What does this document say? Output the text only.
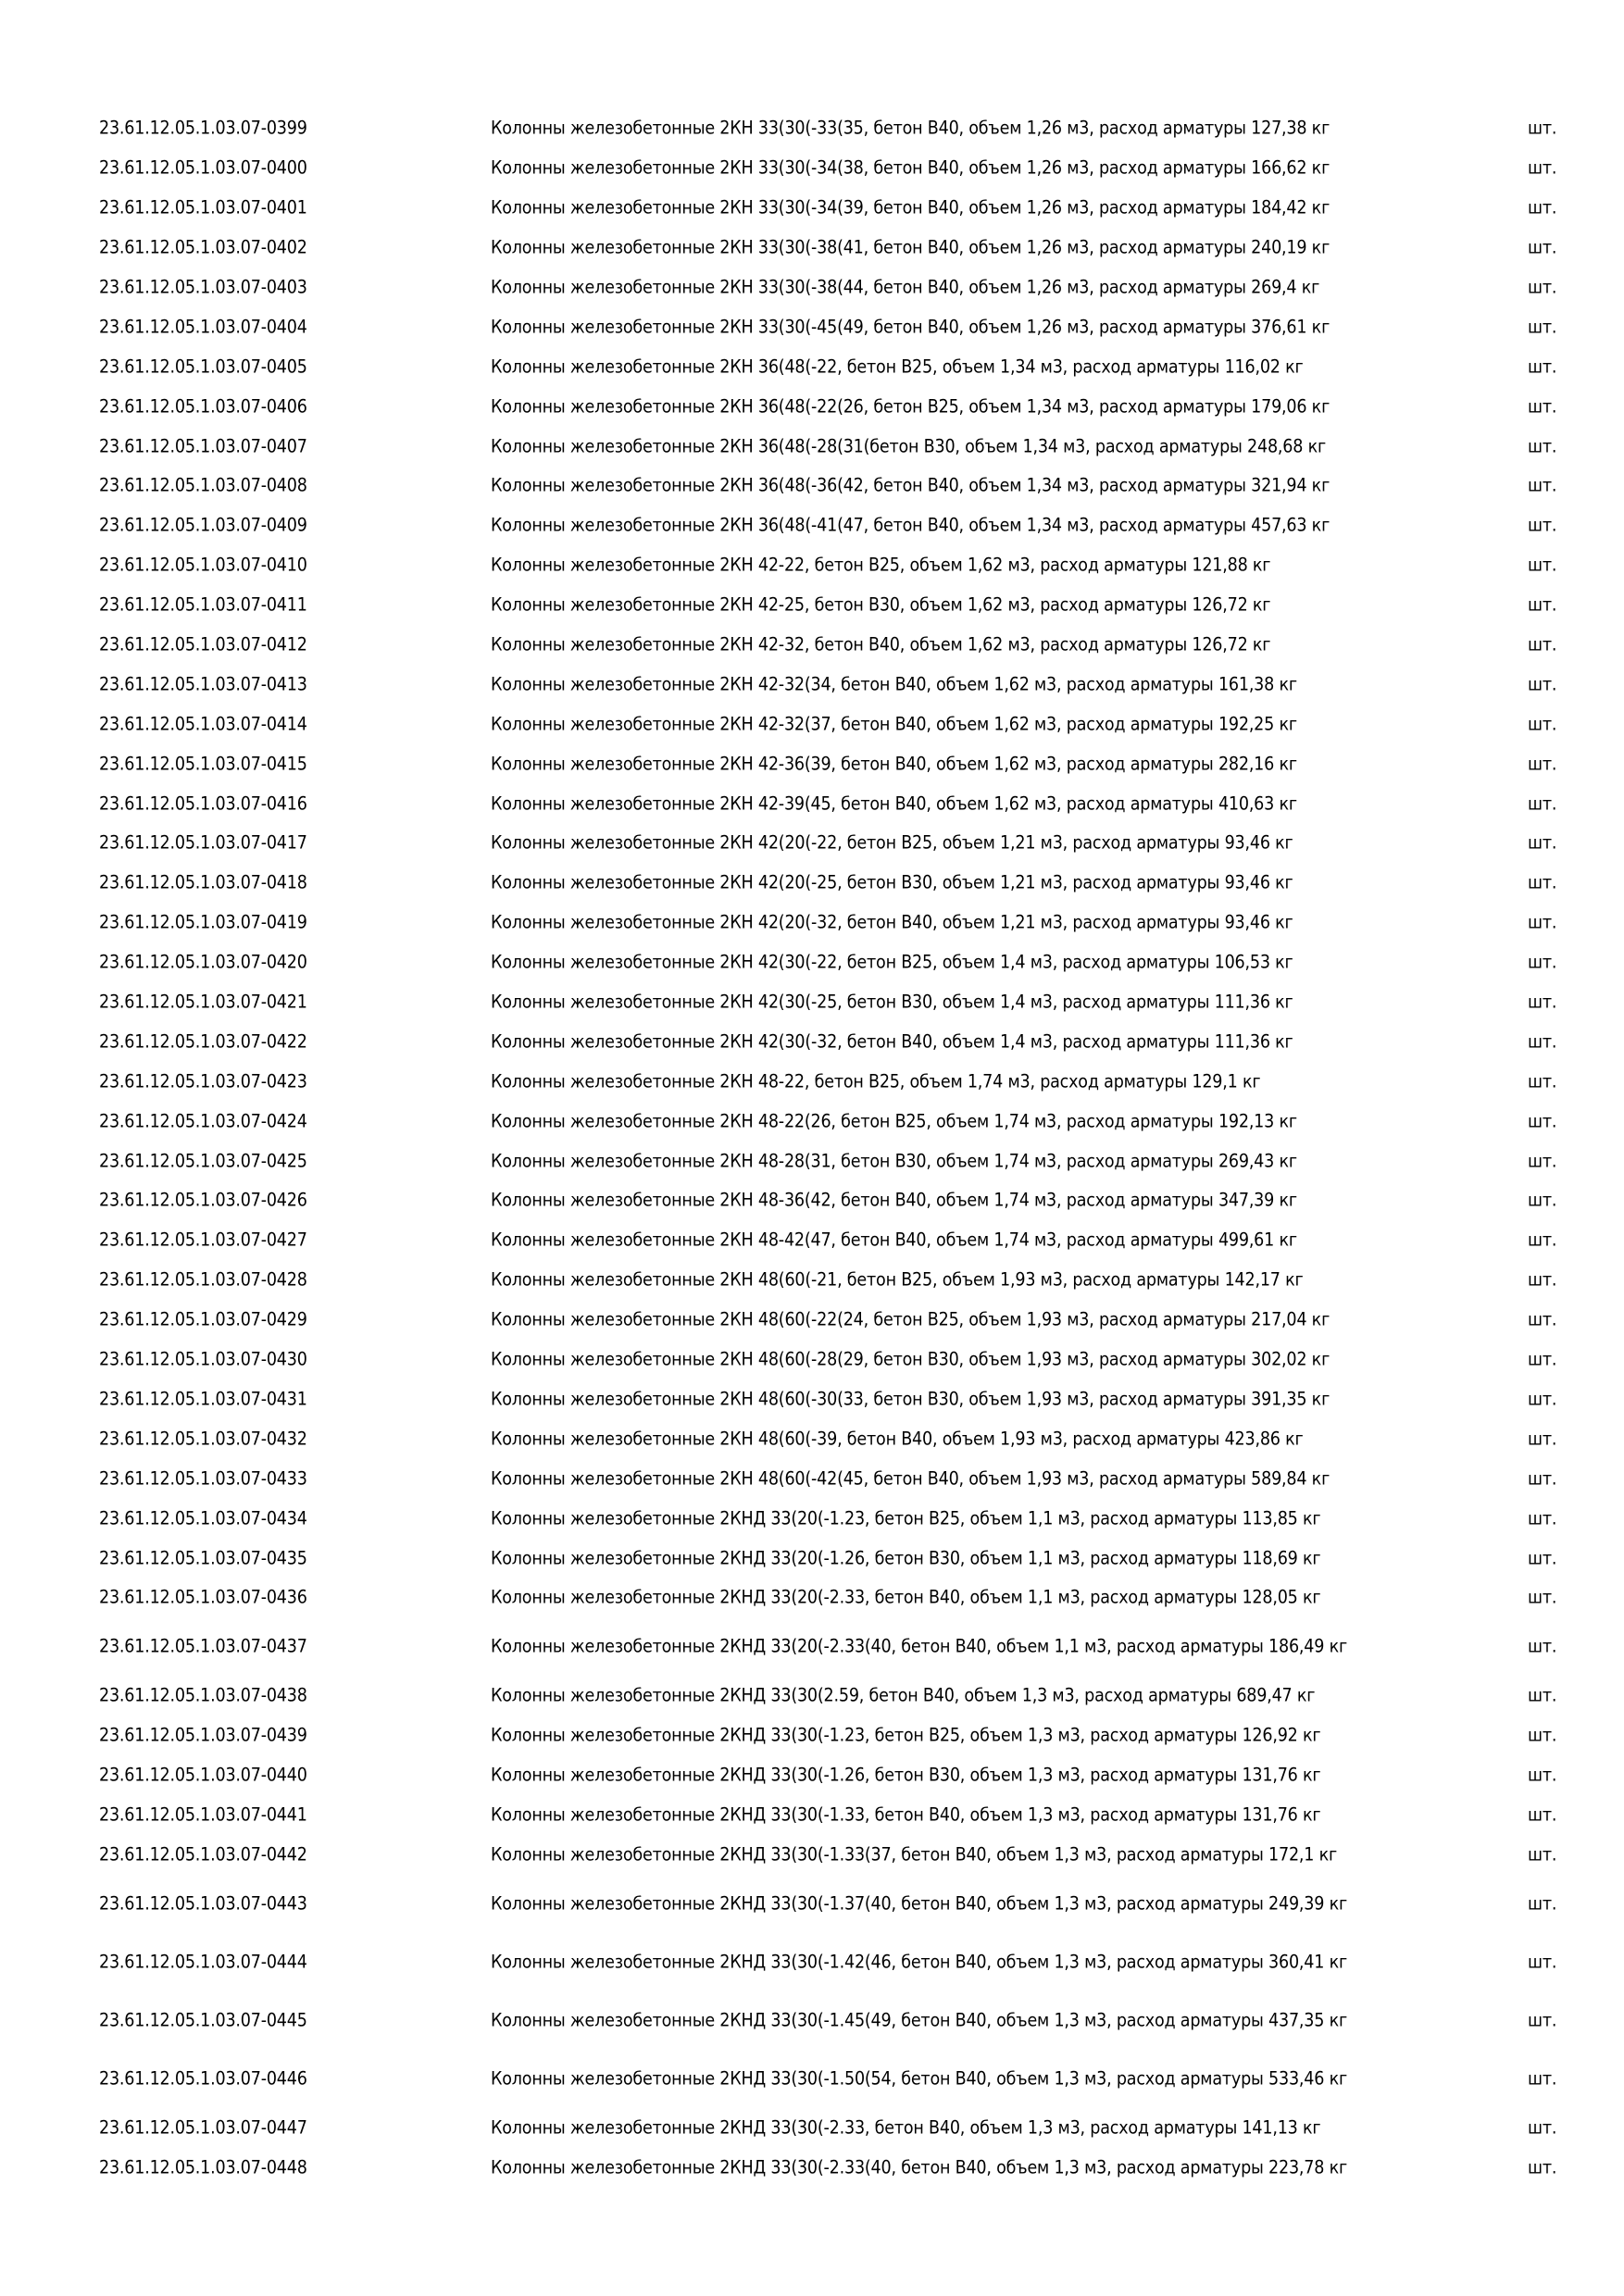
23.61.12.05.1.03.07-0399	Колонны железобетонные 2КН 33(30(-33(35, бетон В40, объем 1,26 м3, расход арматуры 127,38 кг	шт.
23.61.12.05.1.03.07-0400	Колонны железобетонные 2КН 33(30(-34(38, бетон В40, объем 1,26 м3, расход арматуры 166,62 кг	шт.
23.61.12.05.1.03.07-0401	Колонны железобетонные 2КН 33(30(-34(39, бетон В40, объем 1,26 м3, расход арматуры 184,42 кг	шт.
23.61.12.05.1.03.07-0402	Колонны железобетонные 2КН 33(30(-38(41, бетон В40, объем 1,26 м3, расход арматуры 240,19 кг	шт.
23.61.12.05.1.03.07-0403	Колонны железобетонные 2КН 33(30(-38(44, бетон В40, объем 1,26 м3, расход арматуры 269,4 кг	шт.
23.61.12.05.1.03.07-0404	Колонны железобетонные 2КН 33(30(-45(49, бетон В40, объем 1,26 м3, расход арматуры 376,61 кг	шт.
23.61.12.05.1.03.07-0405	Колонны железобетонные 2КН 36(48(-22, бетон В25, объем 1,34 м3, расход арматуры 116,02 кг	шт.
23.61.12.05.1.03.07-0406	Колонны железобетонные 2КН 36(48(-22(26, бетон В25, объем 1,34 м3, расход арматуры 179,06 кг	шт.
23.61.12.05.1.03.07-0407	Колонны железобетонные 2КН 36(48(-28(31(бетон В30, объем 1,34 м3, расход арматуры 248,68 кг	шт.
23.61.12.05.1.03.07-0408	Колонны железобетонные 2КН 36(48(-36(42, бетон В40, объем 1,34 м3, расход арматуры 321,94 кг	шт.
23.61.12.05.1.03.07-0409	Колонны железобетонные 2КН 36(48(-41(47, бетон В40, объем 1,34 м3, расход арматуры 457,63 кг	шт.
23.61.12.05.1.03.07-0410	Колонны железобетонные 2КН 42-22, бетон В25, объем 1,62 м3, расход арматуры 121,88 кг	шт.
23.61.12.05.1.03.07-0411	Колонны железобетонные 2КН 42-25, бетон В30, объем 1,62 м3, расход арматуры 126,72 кг	шт.
23.61.12.05.1.03.07-0412	Колонны железобетонные 2КН 42-32, бетон В40, объем 1,62 м3, расход арматуры 126,72 кг	шт.
23.61.12.05.1.03.07-0413	Колонны железобетонные 2КН 42-32(34, бетон В40, объем 1,62 м3, расход арматуры 161,38 кг	шт.
23.61.12.05.1.03.07-0414	Колонны железобетонные 2КН 42-32(37, бетон В40, объем 1,62 м3, расход арматуры 192,25 кг	шт.
23.61.12.05.1.03.07-0415	Колонны железобетонные 2КН 42-36(39, бетон В40, объем 1,62 м3, расход арматуры 282,16 кг	шт.
23.61.12.05.1.03.07-0416	Колонны железобетонные 2КН 42-39(45, бетон В40, объем 1,62 м3, расход арматуры 410,63 кг	шт.
23.61.12.05.1.03.07-0417	Колонны железобетонные 2КН 42(20(-22, бетон В25, объем 1,21 м3, расход арматуры 93,46 кг	шт.
23.61.12.05.1.03.07-0418	Колонны железобетонные 2КН 42(20(-25, бетон В30, объем 1,21 м3, расход арматуры 93,46 кг	шт.
23.61.12.05.1.03.07-0419	Колонны железобетонные 2КН 42(20(-32, бетон В40, объем 1,21 м3, расход арматуры 93,46 кг	шт.
23.61.12.05.1.03.07-0420	Колонны железобетонные 2КН 42(30(-22, бетон В25, объем 1,4 м3, расход арматуры 106,53 кг	шт.
23.61.12.05.1.03.07-0421	Колонны железобетонные 2КН 42(30(-25, бетон В30, объем 1,4 м3, расход арматуры 111,36 кг	шт.
23.61.12.05.1.03.07-0422	Колонны железобетонные 2КН 42(30(-32, бетон В40, объем 1,4 м3, расход арматуры 111,36 кг	шт.
23.61.12.05.1.03.07-0423	Колонны железобетонные 2КН 48-22, бетон В25, объем 1,74 м3, расход арматуры 129,1 кг	шт.
23.61.12.05.1.03.07-0424	Колонны железобетонные 2КН 48-22(26, бетон В25, объем 1,74 м3, расход арматуры 192,13 кг	шт.
23.61.12.05.1.03.07-0425	Колонны железобетонные 2КН 48-28(31, бетон В30, объем 1,74 м3, расход арматуры 269,43 кг	шт.
23.61.12.05.1.03.07-0426	Колонны железобетонные 2КН 48-36(42, бетон В40, объем 1,74 м3, расход арматуры 347,39 кг	шт.
23.61.12.05.1.03.07-0427	Колонны железобетонные 2КН 48-42(47, бетон В40, объем 1,74 м3, расход арматуры 499,61 кг	шт.
23.61.12.05.1.03.07-0428	Колонны железобетонные 2КН 48(60(-21, бетон В25, объем 1,93 м3, расход арматуры 142,17 кг	шт.
23.61.12.05.1.03.07-0429	Колонны железобетонные 2КН 48(60(-22(24, бетон В25, объем 1,93 м3, расход арматуры 217,04 кг	шт.
23.61.12.05.1.03.07-0430	Колонны железобетонные 2КН 48(60(-28(29, бетон В30, объем 1,93 м3, расход арматуры 302,02 кг	шт.
23.61.12.05.1.03.07-0431	Колонны железобетонные 2КН 48(60(-30(33, бетон В30, объем 1,93 м3, расход арматуры 391,35 кг	шт.
23.61.12.05.1.03.07-0432	Колонны железобетонные 2КН 48(60(-39, бетон В40, объем 1,93 м3, расход арматуры 423,86 кг	шт.
23.61.12.05.1.03.07-0433	Колонны железобетонные 2КН 48(60(-42(45, бетон В40, объем 1,93 м3, расход арматуры 589,84 кг	шт.
23.61.12.05.1.03.07-0434	Колонны железобетонные 2КНД 33(20(-1.23, бетон В25, объем 1,1 м3, расход арматуры 113,85 кг	шт.
23.61.12.05.1.03.07-0435	Колонны железобетонные 2КНД 33(20(-1.26, бетон В30, объем 1,1 м3, расход арматуры 118,69 кг	шт.
23.61.12.05.1.03.07-0436	Колонны железобетонные 2КНД 33(20(-2.33, бетон В40, объем 1,1 м3, расход арматуры 128,05 кг	шт.
23.61.12.05.1.03.07-0437	Колонны железобетонные 2КНД 33(20(-2.33(40, бетон В40, объем 1,1 м3, расход арматуры 186,49 кг	шт.
23.61.12.05.1.03.07-0438	Колонны железобетонные 2КНД 33(30(2.59, бетон В40, объем 1,3 м3, расход арматуры 689,47 кг	шт.
23.61.12.05.1.03.07-0439	Колонны железобетонные 2КНД 33(30(-1.23, бетон В25, объем 1,3 м3, расход арматуры 126,92 кг	шт.
23.61.12.05.1.03.07-0440	Колонны железобетонные 2КНД 33(30(-1.26, бетон В30, объем 1,3 м3, расход арматуры 131,76 кг	шт.
23.61.12.05.1.03.07-0441	Колонны железобетонные 2КНД 33(30(-1.33, бетон В40, объем 1,3 м3, расход арматуры 131,76 кг	шт.
23.61.12.05.1.03.07-0442	Колонны железобетонные 2КНД 33(30(-1.33(37, бетон В40, объем 1,3 м3, расход арматуры 172,1 кг	шт.
23.61.12.05.1.03.07-0443	Колонны железобетонные 2КНД 33(30(-1.37(40, бетон В40, объем 1,3 м3, расход арматуры 249,39 кг	шт.
23.61.12.05.1.03.07-0444	Колонны железобетонные 2КНД 33(30(-1.42(46, бетон В40, объем 1,3 м3, расход арматуры 360,41 кг	шт.
23.61.12.05.1.03.07-0445	Колонны железобетонные 2КНД 33(30(-1.45(49, бетон В40, объем 1,3 м3, расход арматуры 437,35 кг	шт.
23.61.12.05.1.03.07-0446	Колонны железобетонные 2КНД 33(30(-1.50(54, бетон В40, объем 1,3 м3, расход арматуры 533,46 кг	шт.
23.61.12.05.1.03.07-0447	Колонны железобетонные 2КНД 33(30(-2.33, бетон В40, объем 1,3 м3, расход арматуры 141,13 кг	шт.
23.61.12.05.1.03.07-0448	Колонны железобетонные 2КНД 33(30(-2.33(40, бетон В40, объем 1,3 м3, расход арматуры 223,78 кг	шт.
